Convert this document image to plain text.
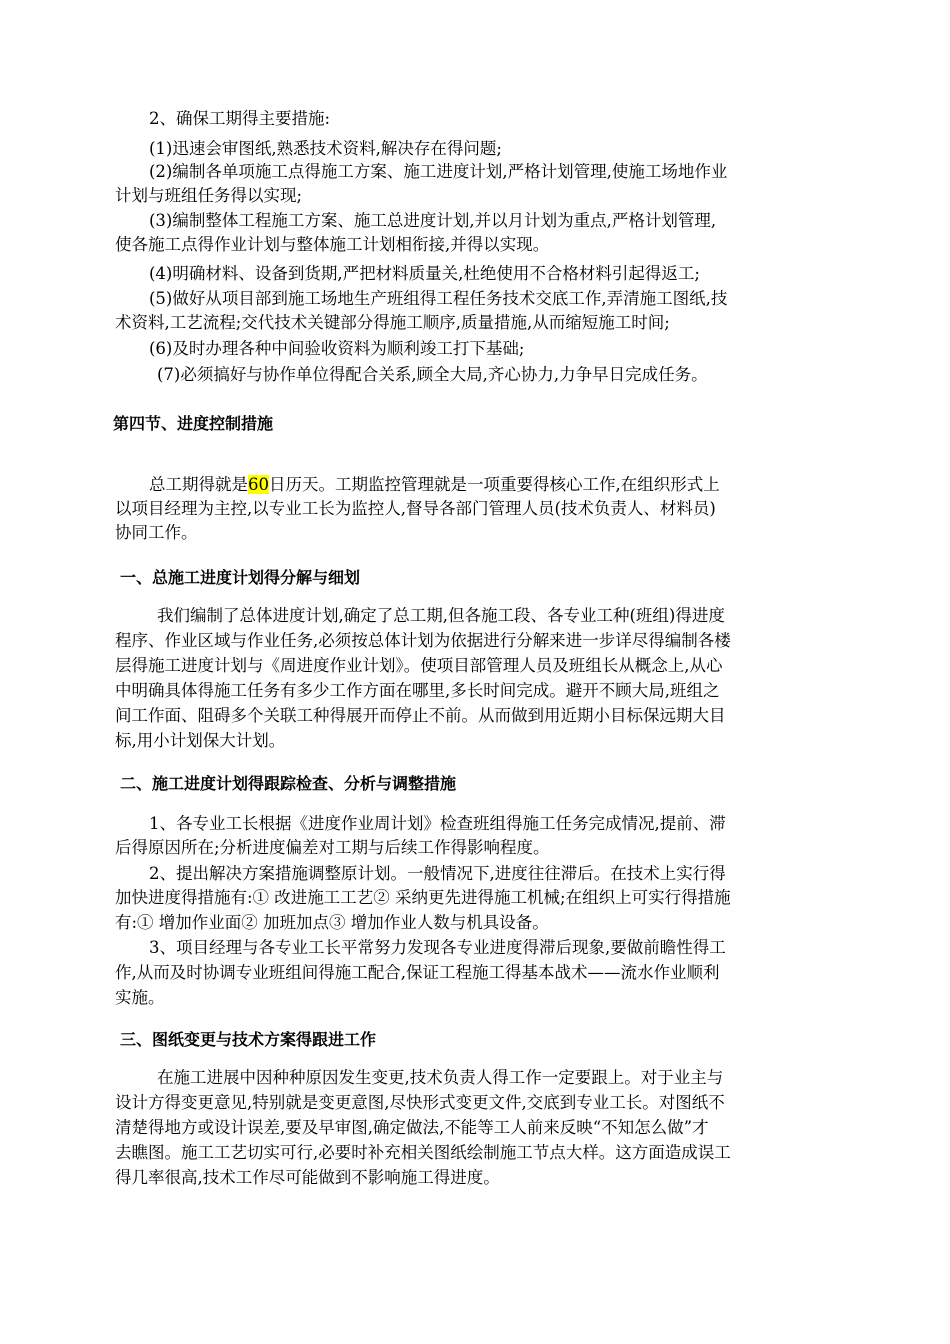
2、确保工期得主要措施:
(1)迅速会审图纸,熟悉技术资料,解决存在得问题;
(2)编制各单项施工点得施工方案、施工进度计划,严格计划管理,使施工场地作业
计划与班组任务得以实现;
(3)编制整体工程施工方案、施工总进度计划,并以月计划为重点,严格计划管理,
使各施工点得作业计划与整体施工计划相衔接,并得以实现。
(4)明确材料、设备到货期,严把材料质量关,杜绝使用不合格材料引起得返工;
(5)做好从项目部到施工场地生产班组得工程任务技术交底工作,弄清施工图纸,技
术资料,工艺流程;交代技术关键部分得施工顺序,质量措施,从而缩短施工时间;
(6)及时办理各种中间验收资料为顺利竣工打下基础;
(7)必须搞好与协作单位得配合关系,顾全大局,齐心协力,力争早日完成任务。
第四节、进度控制措施
总工期得就是60日历天。工期监控管理就是一项重要得核心工作,在组织形式上
以项目经理为主控,以专业工长为监控人,督导各部门管理人员(技术负责人、材料员)
协同工作。
一、总施工进度计划得分解与细划
我们编制了总体进度计划,确定了总工期,但各施工段、各专业工种(班组)得进度
程序、作业区域与作业任务,必须按总体计划为依据进行分解来进一步详尽得编制各楼
层得施工进度计划与《周进度作业计划》。使项目部管理人员及班组长从概念上,从心
中明确具体得施工任务有多少工作方面在哪里,多长时间完成。避开不顾大局,班组之
间工作面、阻碍多个关联工种得展开而停止不前。从而做到用近期小目标保远期大目
标,用小计划保大计划。
二、施工进度计划得跟踪检查、分析与调整措施
1、各专业工长根据《进度作业周计划》检查班组得施工任务完成情况,提前、滞
后得原因所在;分析进度偏差对工期与后续工作得影响程度。
2、提出解决方案措施调整原计划。一般情况下,进度往往滞后。在技术上实行得
加快进度得措施有:① 改进施工工艺② 采纳更先进得施工机械;在组织上可实行得措施
有:① 增加作业面② 加班加点③ 增加作业人数与机具设备。
3、项目经理与各专业工长平常努力发现各专业进度得滞后现象,要做前瞻性得工
作,从而及时协调专业班组间得施工配合,保证工程施工得基本战术——流水作业顺利
实施。
三、图纸变更与技术方案得跟进工作
在施工进展中因种种原因发生变更,技术负责人得工作一定要跟上。对于业主与
设计方得变更意见,特别就是变更意图,尽快形式变更文件,交底到专业工长。对图纸不
清楚得地方或设计误差,要及早审图,确定做法,不能等工人前来反映“不知怎么做”才
去瞧图。施工工艺切实可行,必要时补充相关图纸绘制施工节点大样。这方面造成误工
得几率很高,技术工作尽可能做到不影响施工得进度。
